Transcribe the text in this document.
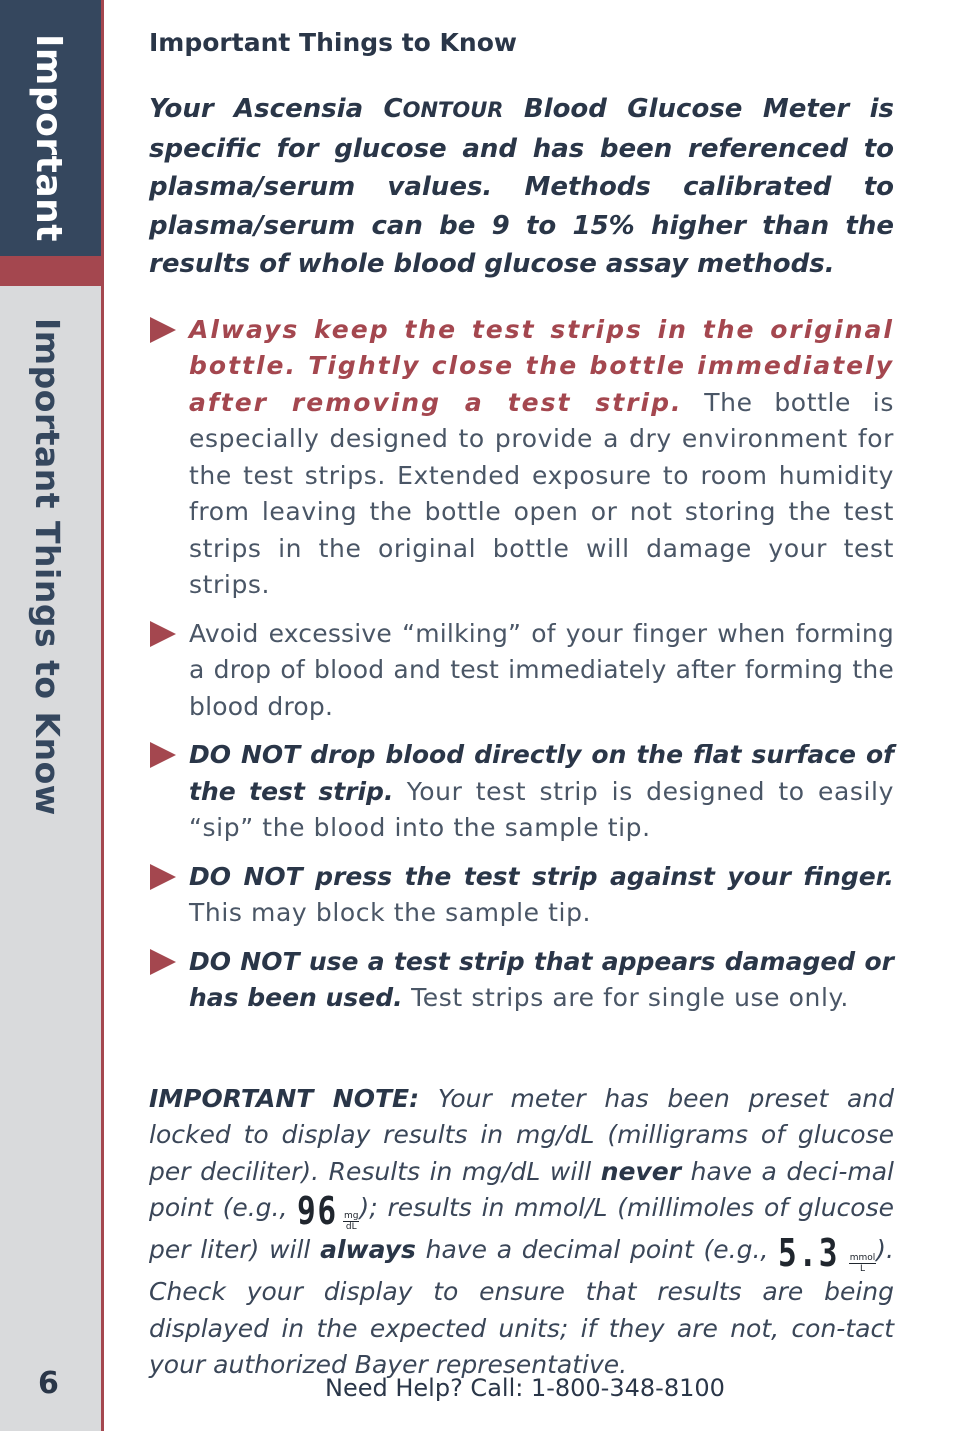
Important
Important Things to Know
6
Important Things to Know

Your Ascensia CONTOUR Blood Glucose Meter is specific for glucose and has been referenced to plasma/serum values. Methods calibrated to plasma/serum can be 9 to 15% higher than the results of whole blood glucose assay methods.

Always keep the test strips in the original bottle. Tightly close the bottle immediately after removing a test strip. The bottle is especially designed to provide a dry environment for the test strips. Extended exposure to room humidity from leaving the bottle open or not storing the test strips in the original bottle will damage your test strips.
Avoid excessive “milking” of your finger when forming a drop of blood and test immediately after forming the blood drop.
DO NOT drop blood directly on the flat surface of the test strip. Your test strip is designed to easily “sip” the blood into the sample tip.
DO NOT press the test strip against your finger. This may block the sample tip.
DO NOT use a test strip that appears damaged or has been used. Test strips are for single use only.

IMPORTANT NOTE: Your meter has been preset and locked to display results in mg/dL (milligrams of glucose per deciliter). Results in mg/dL will never have a deci-mal point (e.g., $96 \frac{mg}{dL}$ ); results in mmol/L (millimoles of glucose per liter) will always have a decimal point (e.g., 5.3 mmol
L
). Check your display to ensure that results are being displayed in the expected units; if they are not, con-tact your authorized Bayer representative.

Need Help? Call: 1-800-348-8100
